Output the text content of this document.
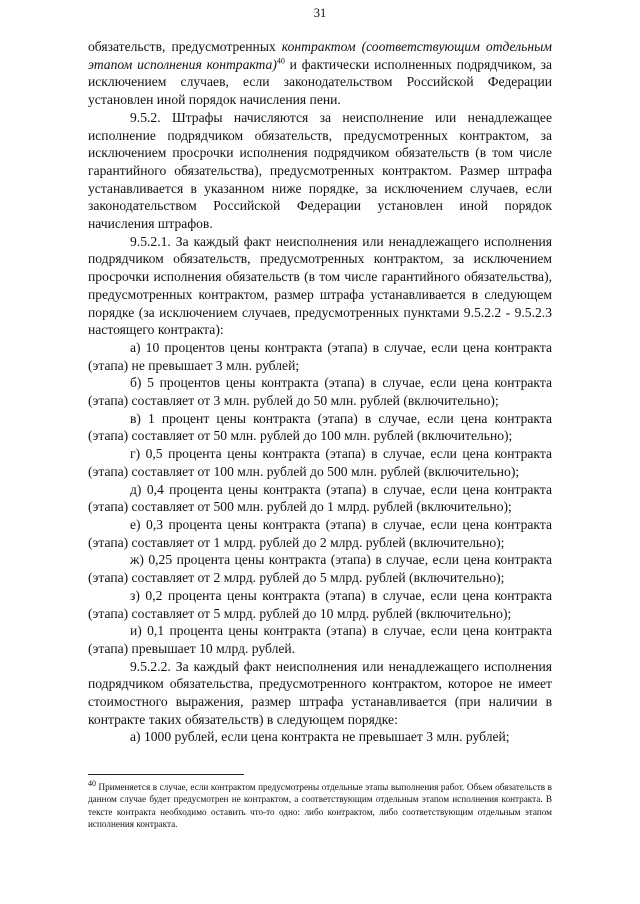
31

обязательств, предусмотренных контрактом (соответствующим отдельным этапом исполнения контракта)$^{40}$ и фактически исполненных подрядчиком, за исключением случаев, если законодательством Российской Федерации установлен иной порядок начисления пени.

9.5.2. Штрафы начисляются за неисполнение или ненадлежащее исполнение подрядчиком обязательств, предусмотренных контрактом, за исключением просрочки исполнения подрядчиком обязательств (в том числе гарантийного обязательства), предусмотренных контрактом. Размер штрафа устанавливается в указанном ниже порядке, за исключением случаев, если законодательством Российской Федерации установлен иной порядок начисления штрафов.

9.5.2.1. За каждый факт неисполнения или ненадлежащего исполнения подрядчиком обязательств, предусмотренных контрактом, за исключением просрочки исполнения обязательств (в том числе гарантийного обязательства), предусмотренных контрактом, размер штрафа устанавливается в следующем порядке (за исключением случаев, предусмотренных пунктами 9.5.2.2 - 9.5.2.3 настоящего контракта):

а) 10 процентов цены контракта (этапа) в случае, если цена контракта (этапа) не превышает 3 млн. рублей;

б) 5 процентов цены контракта (этапа) в случае, если цена контракта (этапа) составляет от 3 млн. рублей до 50 млн. рублей (включительно);

в) 1 процент цены контракта (этапа) в случае, если цена контракта (этапа) составляет от 50 млн. рублей до 100 млн. рублей (включительно);

г) 0,5 процента цены контракта (этапа) в случае, если цена контракта (этапа) составляет от 100 млн. рублей до 500 млн. рублей (включительно);

д) 0,4 процента цены контракта (этапа) в случае, если цена контракта (этапа) составляет от 500 млн. рублей до 1 млрд. рублей (включительно);

е) 0,3 процента цены контракта (этапа) в случае, если цена контракта (этапа) составляет от 1 млрд. рублей до 2 млрд. рублей (включительно);

ж) 0,25 процента цены контракта (этапа) в случае, если цена контракта (этапа) составляет от 2 млрд. рублей до 5 млрд. рублей (включительно);

з) 0,2 процента цены контракта (этапа) в случае, если цена контракта (этапа) составляет от 5 млрд. рублей до 10 млрд. рублей (включительно);

и) 0,1 процента цены контракта (этапа) в случае, если цена контракта (этапа) превышает 10 млрд. рублей.

9.5.2.2. За каждый факт неисполнения или ненадлежащего исполнения подрядчиком обязательства, предусмотренного контрактом, которое не имеет стоимостного выражения, размер штрафа устанавливается (при наличии в контракте таких обязательств) в следующем порядке:

а) 1000 рублей, если цена контракта не превышает 3 млн. рублей;

40 Применяется в случае, если контрактом предусмотрены отдельные этапы выполнения работ. Объем обязательств в данном случае будет предусмотрен не контрактом, а соответствующим отдельным этапом исполнения контракта. В тексте контракта необходимо оставить что-то одно: либо контрактом, либо соответствующим отдельным этапом исполнения контракта.
